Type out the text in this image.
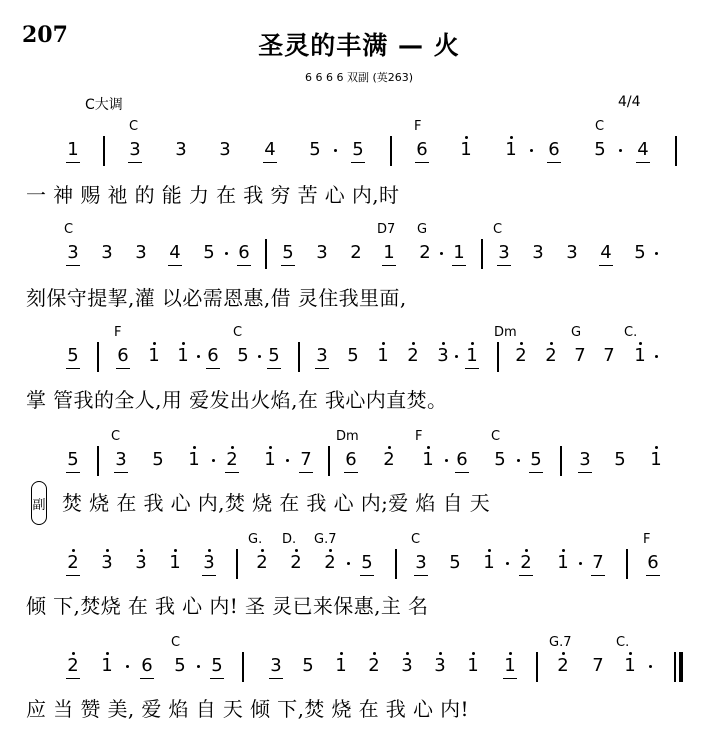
207	圣灵的丰满 — 火
6 6 6 6 双副 (英263)
C大调	4/4
副
C	F	C
1	3 3 3 4 5 5	6 1 1 6 5 4
一 神 赐 祂 的 能 力 在 我 穷 苦 心 内,时
C	D7 G	C
3 3 3 4 5 6 5 3 2 1 2 1 3 3 3 4 5
刻保守提挈,灌 以必需恩惠,借 灵住我里面,
F	C	Dm	G	C.
5 6 1 1 6 5 5 3 5 1 2 3 1 2 2 7 7 1
掌 管我的全人,用 爱发出火焰,在 我心内直焚。
C	Dm	F	C
5 3 5 1 2 1 7 6 2 1 6 5 5 3 5 1
焚 烧 在 我 心 内,焚 烧 在 我 心 内;爱 焰 自 天
G. D. G.7	C	F
2 3 3 1 3 2 2 2 5 3 5 1 2 1 7 6
倾 下,焚烧 在 我 心 内! 圣 灵已来保惠,主 名
C	G.7	C.
2 1 6 5 5	3 5 1 2 3 3 1 1 2 7 1
应 当 赞 美, 爱 焰 自 天 倾 下,焚 烧 在 我 心 内!
